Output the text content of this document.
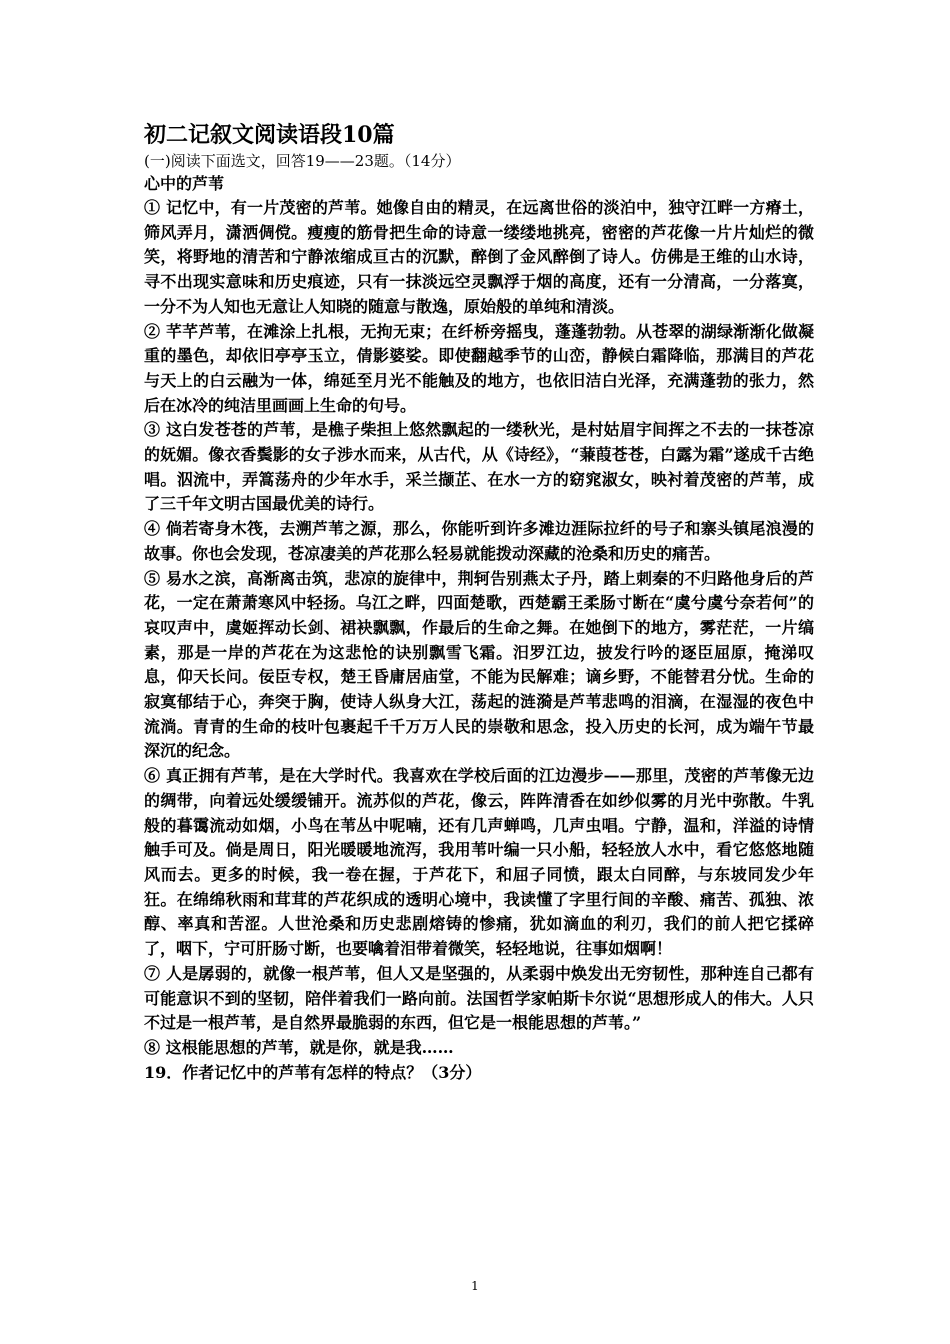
初二记叙文阅读语段10篇

(一)阅读下面选文，回答19——23题。（14分）

心中的芦苇

① 记忆中，有一片茂密的芦苇。她像自由的精灵，在远离世俗的淡泊中，独守江畔一方瘠土，筛风弄月，潇洒倜傥。瘦瘦的筋骨把生命的诗意一缕缕地挑亮，密密的芦花像一片片灿烂的微笑，将野地的清苦和宁静浓缩成亘古的沉默，醉倒了金风醉倒了诗人。仿佛是王维的山水诗，寻不出现实意味和历史痕迹，只有一抹淡远空灵飘浮于烟的高度，还有一分清高，一分落寞，一分不为人知也无意让人知晓的随意与散逸，原始般的单纯和清淡。

② 芊芊芦苇，在滩涂上扎根，无拘无束；在纤桥旁摇曳，蓬蓬勃勃。从苍翠的湖绿渐渐化做凝重的墨色，却依旧亭亭玉立，倩影婆娑。即使翻越季节的山峦，静候白霜降临，那满目的芦花与天上的白云融为一体，绵延至月光不能触及的地方，也依旧洁白光泽，充满蓬勃的张力，然后在冰冷的纯洁里画画上生命的句号。

③ 这白发苍苍的芦苇，是樵子柴担上悠然飘起的一缕秋光，是村姑眉宇间挥之不去的一抹苍凉的妩媚。像衣香鬓影的女子涉水而来，从古代，从《诗经》，“蒹葭苍苍，白露为霜”遂成千古绝唱。泅流中，弄篙荡舟的少年水手，采兰撷芷、在水一方的窈窕淑女，映衬着茂密的芦苇，成了三千年文明古国最优美的诗行。

④ 倘若寄身木筏，去溯芦苇之源，那么，你能听到许多滩边涯际拉纤的号子和寨头镇尾浪漫的故事。你也会发现，苍凉凄美的芦花那么轻易就能拨动深藏的沧桑和历史的痛苦。

⑤ 易水之滨，高渐离击筑，悲凉的旋律中，荆轲告别燕太子丹，踏上刺秦的不归路他身后的芦花，一定在萧萧寒风中轻扬。乌江之畔，四面楚歌，西楚霸王柔肠寸断在“虞兮虞兮奈若何”的哀叹声中，虞姬挥动长剑、裙袂飘飘，作最后的生命之舞。在她倒下的地方，雾茫茫，一片缟素，那是一岸的芦花在为这悲怆的诀别飘雪飞霜。汨罗江边，披发行吟的逐臣屈原，掩涕叹息，仰天长问。佞臣专权，楚王昏庸居庙堂，不能为民解难；谪乡野，不能替君分忧。生命的寂寞郁结于心，奔突于胸，使诗人纵身大江，荡起的涟漪是芦苇悲鸣的泪滴，在湿湿的夜色中流淌。青青的生命的枝叶包裹起千千万万人民的崇敬和思念，投入历史的长河，成为端午节最深沉的纪念。

⑥ 真正拥有芦苇，是在大学时代。我喜欢在学校后面的江边漫步——那里，茂密的芦苇像无边的绸带，向着远处缓缓铺开。流苏似的芦花，像云，阵阵清香在如纱似雾的月光中弥散。牛乳般的暮霭流动如烟，小鸟在苇丛中呢喃，还有几声蝉鸣，几声虫唱。宁静，温和，洋溢的诗情触手可及。倘是周日，阳光暖暖地流泻，我用苇叶编一只小船，轻轻放人水中，看它悠悠地随风而去。更多的时候，我一卷在握，于芦花下，和屈子同愤，跟太白同醉，与东坡同发少年狂。在绵绵秋雨和茸茸的芦花织成的透明心境中，我读懂了字里行间的辛酸、痛苦、孤独、浓醇、率真和苦涩。人世沧桑和历史悲剧熔铸的惨痛，犹如滴血的利刃，我们的前人把它揉碎了，咽下，宁可肝肠寸断，也要噙着泪带着微笑，轻轻地说，往事如烟啊！

⑦ 人是孱弱的，就像一根芦苇，但人又是坚强的，从柔弱中焕发出无穷韧性，那种连自己都有可能意识不到的坚韧，陪伴着我们一路向前。法国哲学家帕斯卡尔说“思想形成人的伟大。人只不过是一根芦苇，是自然界最脆弱的东西，但它是一根能思想的芦苇。”

⑧ 这根能思想的芦苇，就是你，就是我……

19．作者记忆中的芦苇有怎样的特点？（3分）

1
